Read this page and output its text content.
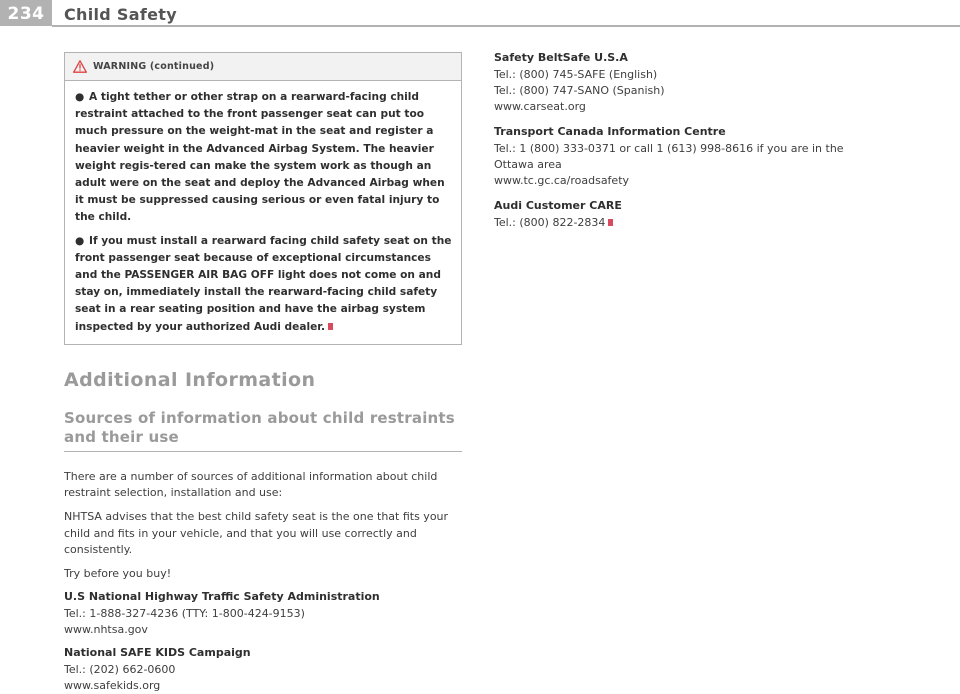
234	Child Safety
WARNING (continued)

● A tight tether or other strap on a rearward-facing child restraint attached to the front passenger seat can put too much pressure on the weight-mat in the seat and register a heavier weight in the Advanced Airbag System. The heavier weight regis-tered can make the system work as though an adult were on the seat and deploy the Advanced Airbag when it must be suppressed causing serious or even fatal injury to the child.

● If you must install a rearward facing child safety seat on the front passenger seat because of exceptional circumstances and the PASSENGER AIR BAG OFF light does not come on and stay on, immediately install the rearward-facing child safety seat in a rear seating position and have the airbag system inspected by your authorized Audi dealer.

Additional Information
Sources of information about child restraints and their use

There are a number of sources of additional information about child restraint selection, installation and use:

NHTSA advises that the best child safety seat is the one that fits your child and fits in your vehicle, and that you will use correctly and consistently.

Try before you buy!

U.S National Highway Traffic Safety Administration
Tel.: 1-888-327-4236 (TTY: 1-800-424-9153)
www.nhtsa.gov
National SAFE KIDS Campaign
Tel.: (202) 662-0600
www.safekids.org
Safety BeltSafe U.S.A
Tel.: (800) 745-SAFE (English)
Tel.: (800) 747-SANO (Spanish)
www.carseat.org
Transport Canada Information Centre
Tel.: 1 (800) 333-0371 or call 1 (613) 998-8616 if you are in the
Ottawa area
www.tc.gc.ca/roadsafety
Audi Customer CARE
Tel.: (800) 822-2834
